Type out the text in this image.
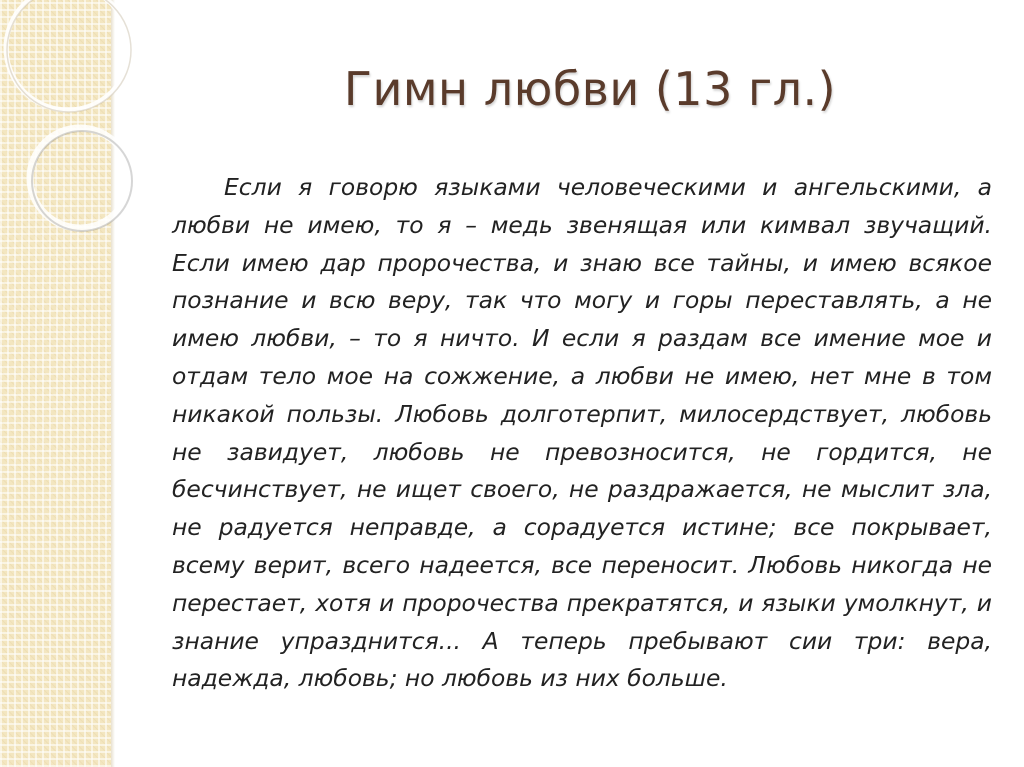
Гимн любви (13 гл.)

Если я говорю языками человеческими и ангельскими, а любви не имею, то я – медь звенящая или кимвал звучащий. Если имею дар пророчества, и знаю все тайны, и имею всякое познание и всю веру, так что могу и горы переставлять, а не имею любви, – то я ничто. И если я раздам все имение мое и отдам тело мое на сожжение, а любви не имею, нет мне в том никакой пользы. Любовь долготерпит, милосердствует, любовь не завидует, любовь не превозносится, не гордится, не бесчинствует, не ищет своего, не раздражается, не мыслит зла, не радуется неправде, а сорадуется истине; все покрывает, всему верит, всего надеется, все переносит. Любовь никогда не перестает, хотя и пророчества прекратятся, и языки умолкнут, и знание упразднится... А теперь пребывают сии три: вера, надежда, любовь; но любовь из них больше.
